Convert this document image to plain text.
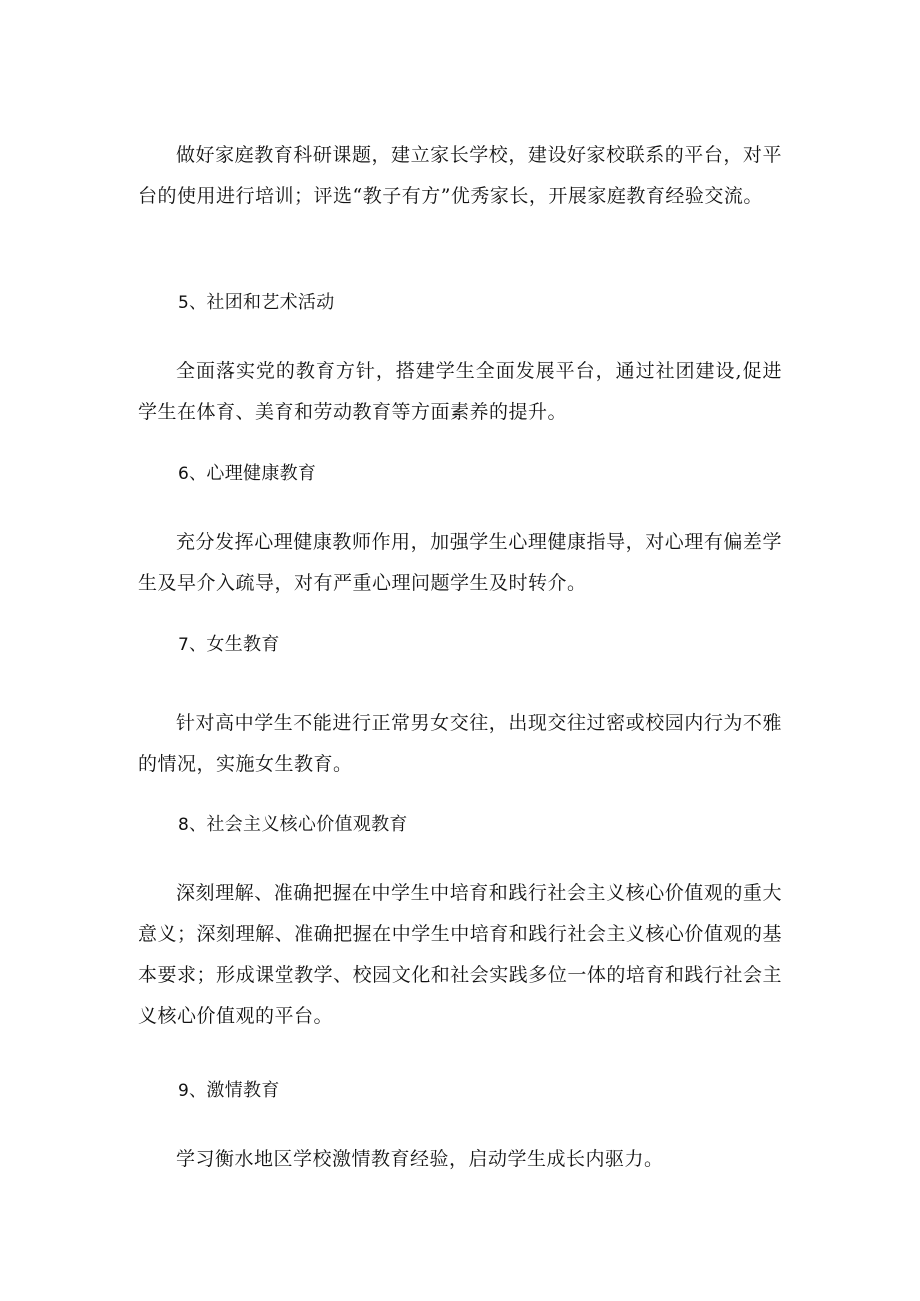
做好家庭教育科研课题，建立家长学校，建设好家校联系的平台，对平台的使用进行培训；评选“教子有方”优秀家长，开展家庭教育经验交流。

5、社团和艺术活动

全面落实党的教育方针，搭建学生全面发展平台，通过社团建设,促进学生在体育、美育和劳动教育等方面素养的提升。

6、心理健康教育

充分发挥心理健康教师作用，加强学生心理健康指导，对心理有偏差学生及早介入疏导，对有严重心理问题学生及时转介。

7、女生教育

针对高中学生不能进行正常男女交往，出现交往过密或校园内行为不雅的情况，实施女生教育。

8、社会主义核心价值观教育

深刻理解、准确把握在中学生中培育和践行社会主义核心价值观的重大意义；深刻理解、准确把握在中学生中培育和践行社会主义核心价值观的基本要求；形成课堂教学、校园文化和社会实践多位一体的培育和践行社会主义核心价值观的平台。

9、激情教育

学习衡水地区学校激情教育经验，启动学生成长内驱力。
